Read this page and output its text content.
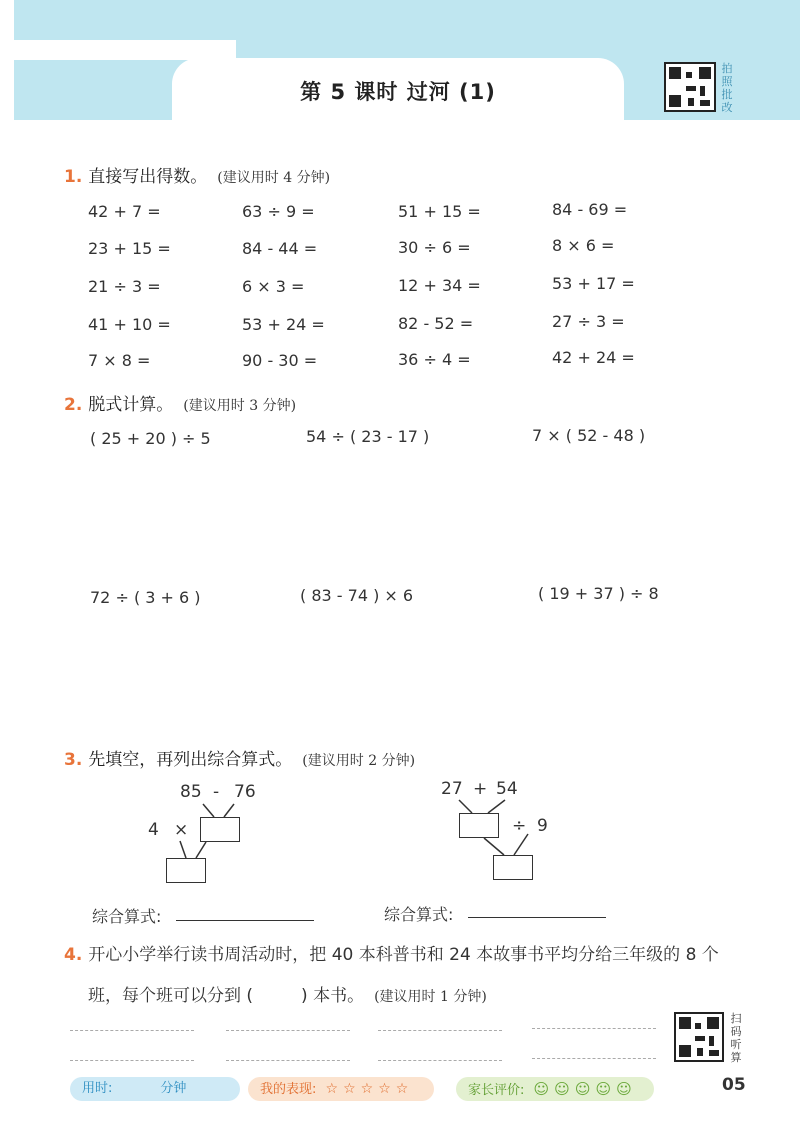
第 5 课时 过河 (1)
拍照批改
1. 直接写出得数。 (建议用时 4 分钟)
42 + 7 =	63 ÷ 9 =	51 + 15 =	84 - 69 =
23 + 15 =	84 - 44 =	30 ÷ 6 =	8 × 6 =
21 ÷ 3 =	6 × 3 =	12 + 34 =	53 + 17 =
41 + 10 =	53 + 24 =	82 - 52 =	27 ÷ 3 =
7 × 8 =	90 - 30 =	36 ÷ 4 =	42 + 24 =
2. 脱式计算。 (建议用时 3 分钟)
( 25 + 20 ) ÷ 5	54 ÷ ( 23 - 17 )	7 × ( 52 - 48 )
72 ÷ ( 3 + 6 )	( 83 - 74 ) × 6	( 19 + 37 ) ÷ 8
3. 先填空，再列出综合算式。 (建议用时 2 分钟)
85 - 76
4 ×
27 + 54
÷ 9
综合算式:	综合算式:
4. 开心小学举行读书周活动时，把 40 本科普书和 24 本故事书平均分给三年级的 8 个
班，每个班可以分到 (	) 本书。 (建议用时 1 分钟)
扫码听算
用时:	分钟	我的表现: ☆ ☆ ☆ ☆ ☆	家长评价: ☺ ☺ ☺ ☺ ☺	05
